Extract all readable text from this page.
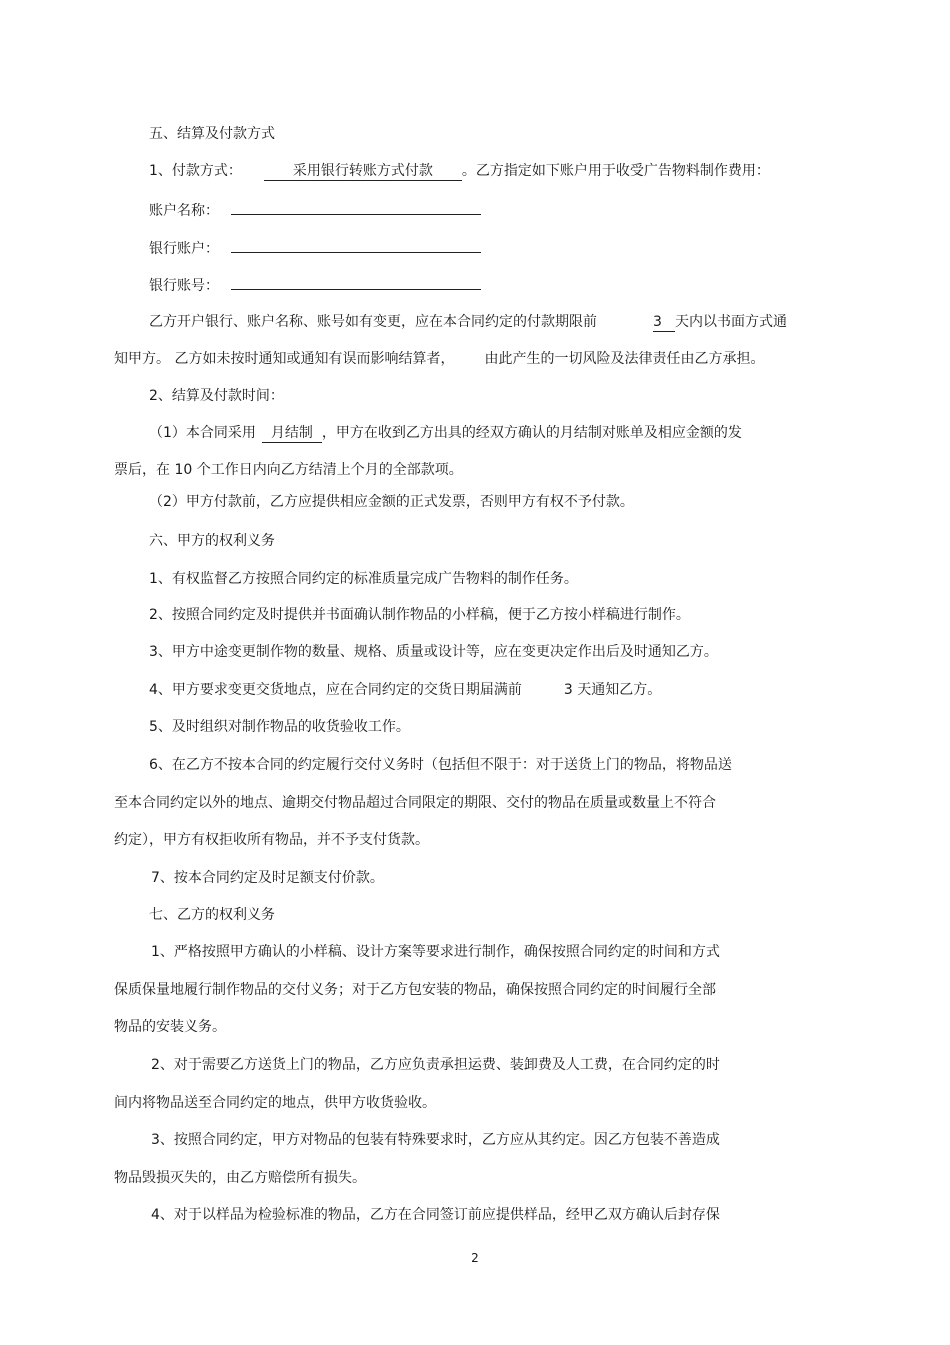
五、结算及付款方式
1、付款方式：	采用银行转账方式付款 。乙方指定如下账户用于收受广告物料制作费用：
账户名称：
银行账户：
银行账号：
乙方开户银行、账户名称、账号如有变更，应在本合同约定的付款期限前	3 天内以书面方式通
知甲方。 乙方如未按时通知或通知有误而影响结算者， 由此产生的一切风险及法律责任由乙方承担。
2、结算及付款时间：
（1）本合同采用 月结制 ，甲方在收到乙方出具的经双方确认的月结制对账单及相应金额的发
票后，在 10 个工作日内向乙方结清上个月的全部款项。
（2）甲方付款前，乙方应提供相应金额的正式发票，否则甲方有权不予付款。
六、甲方的权利义务
1、有权监督乙方按照合同约定的标准质量完成广告物料的制作任务。
2、按照合同约定及时提供并书面确认制作物品的小样稿，便于乙方按小样稿进行制作。
3、甲方中途变更制作物的数量、规格、质量或设计等，应在变更决定作出后及时通知乙方。
4、甲方要求变更交货地点，应在合同约定的交货日期届满前	3 天通知乙方。
5、及时组织对制作物品的收货验收工作。
6、在乙方不按本合同的约定履行交付义务时（包括但不限于：对于送货上门的物品，将物品送
至本合同约定以外的地点、逾期交付物品超过合同限定的期限、交付的物品在质量或数量上不符合
约定），甲方有权拒收所有物品，并不予支付货款。
7、按本合同约定及时足额支付价款。
七、乙方的权利义务
1、严格按照甲方确认的小样稿、设计方案等要求进行制作，确保按照合同约定的时间和方式
保质保量地履行制作物品的交付义务；对于乙方包安装的物品，确保按照合同约定的时间履行全部
物品的安装义务。
2、对于需要乙方送货上门的物品，乙方应负责承担运费、装卸费及人工费，在合同约定的时
间内将物品送至合同约定的地点，供甲方收货验收。
3、按照合同约定，甲方对物品的包装有特殊要求时，乙方应从其约定。因乙方包装不善造成
物品毁损灭失的，由乙方赔偿所有损失。
4、对于以样品为检验标准的物品，乙方在合同签订前应提供样品，经甲乙双方确认后封存保
2
